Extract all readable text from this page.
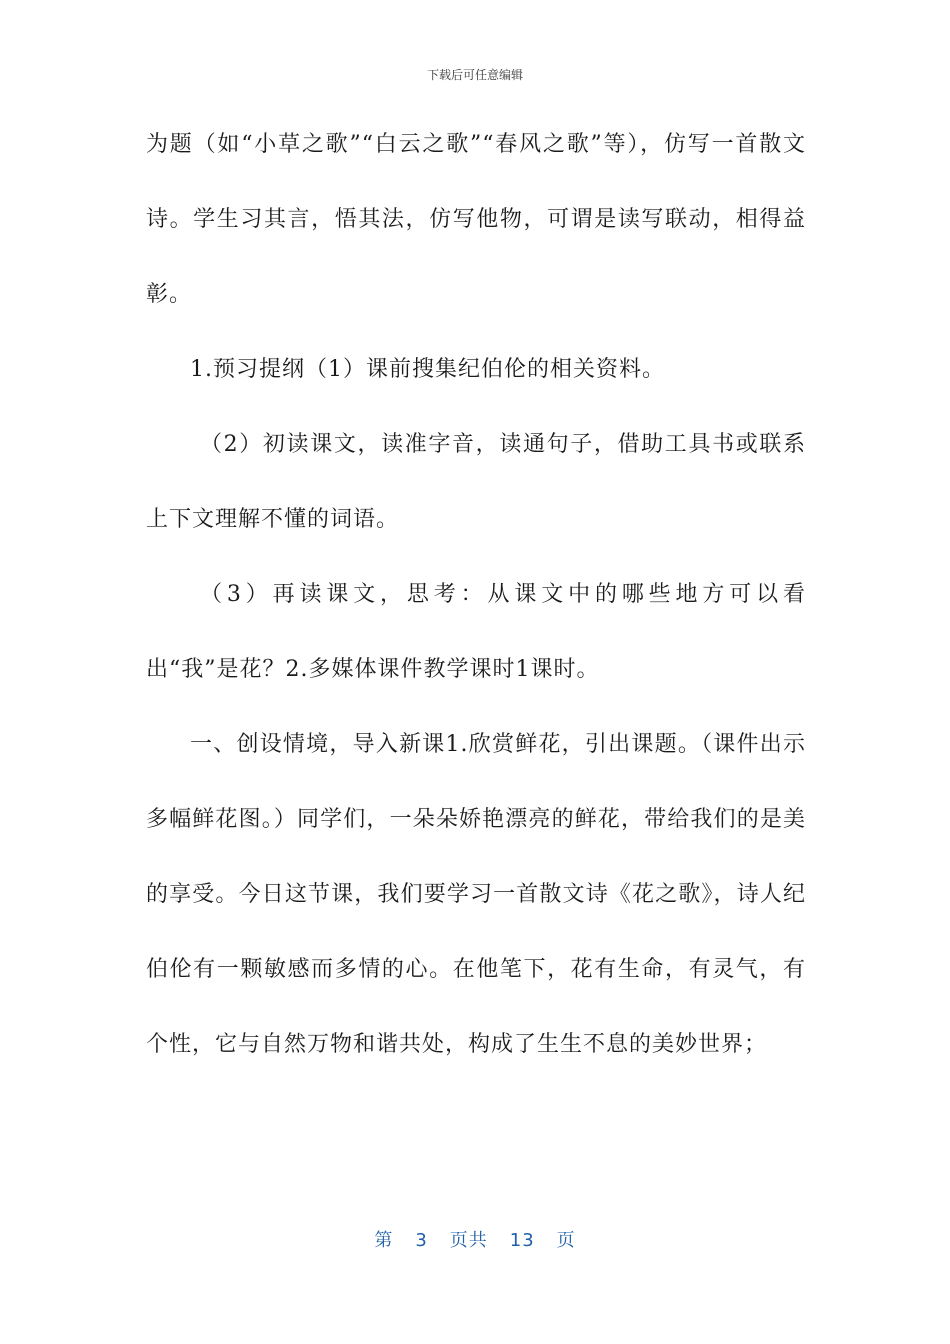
下载后可任意编辑

为题（如“小草之歌”“白云之歌”“春风之歌”等），仿写一首散文诗。学生习其言，悟其法，仿写他物，可谓是读写联动，相得益彰。

1.预习提纲（1）课前搜集纪伯伦的相关资料。

（2）初读课文，读准字音，读通句子，借助工具书或联系上下文理解不懂的词语。

（3）再读课文，思考：从课文中的哪些地方可以看出“我”是花？2.多媒体课件教学课时1课时。

一、创设情境，导入新课1.欣赏鲜花，引出课题。（课件出示多幅鲜花图。）同学们，一朵朵娇艳漂亮的鲜花，带给我们的是美的享受。今日这节课，我们要学习一首散文诗《花之歌》，诗人纪伯伦有一颗敏感而多情的心。在他笔下，花有生命，有灵气，有个性，它与自然万物和谐共处，构成了生生不息的美妙世界；

第 3 页共 13 页
